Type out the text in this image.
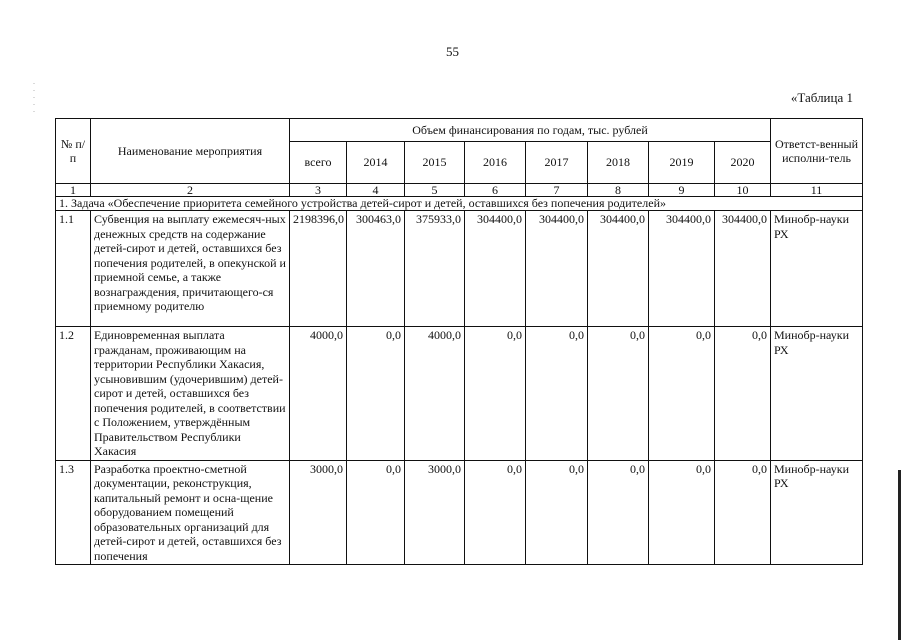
55
․
․
․
․
․
«Таблица 1
№ п/п	Наименование мероприятия	Объем финансирования по годам, тыс. рублей								Ответст-венный исполни-тель
		всего	2014	2015	2016	2017	2018	2019	2020	
1	2	3	4	5	6	7	8	9	10	11
1. Задача «Обеспечение приоритета семейного устройства детей-сирот и детей, оставшихся без попечения родителей»										
1.1	Субвенция на выплату ежемесяч-ных денежных средств на содержание детей-сирот и детей, оставшихся без попечения родителей, в опекунской и приемной семье, а также вознаграждения, причитающего-ся приемному родителю	2198396,0	300463,0	375933,0	304400,0	304400,0	304400,0	304400,0	304400,0	Минобр-науки РХ
1.2	Единовременная выплата гражданам, проживающим на территории Республики Хакасия, усыновившим (удочерившим) детей-сирот и детей, оставшихся без попечения родителей, в соответствии с Положением, утверждённым Правительством Республики Хакасия	4000,0	0,0	4000,0	0,0	0,0	0,0	0,0	0,0	Минобр-науки РХ
1.3	Разработка проектно-сметной документации, реконструкция, капитальный ремонт и осна-щение оборудованием помещений образовательных организаций для детей-сирот и детей, оставшихся без попечения	3000,0	0,0	3000,0	0,0	0,0	0,0	0,0	0,0	Минобр-науки РХ
